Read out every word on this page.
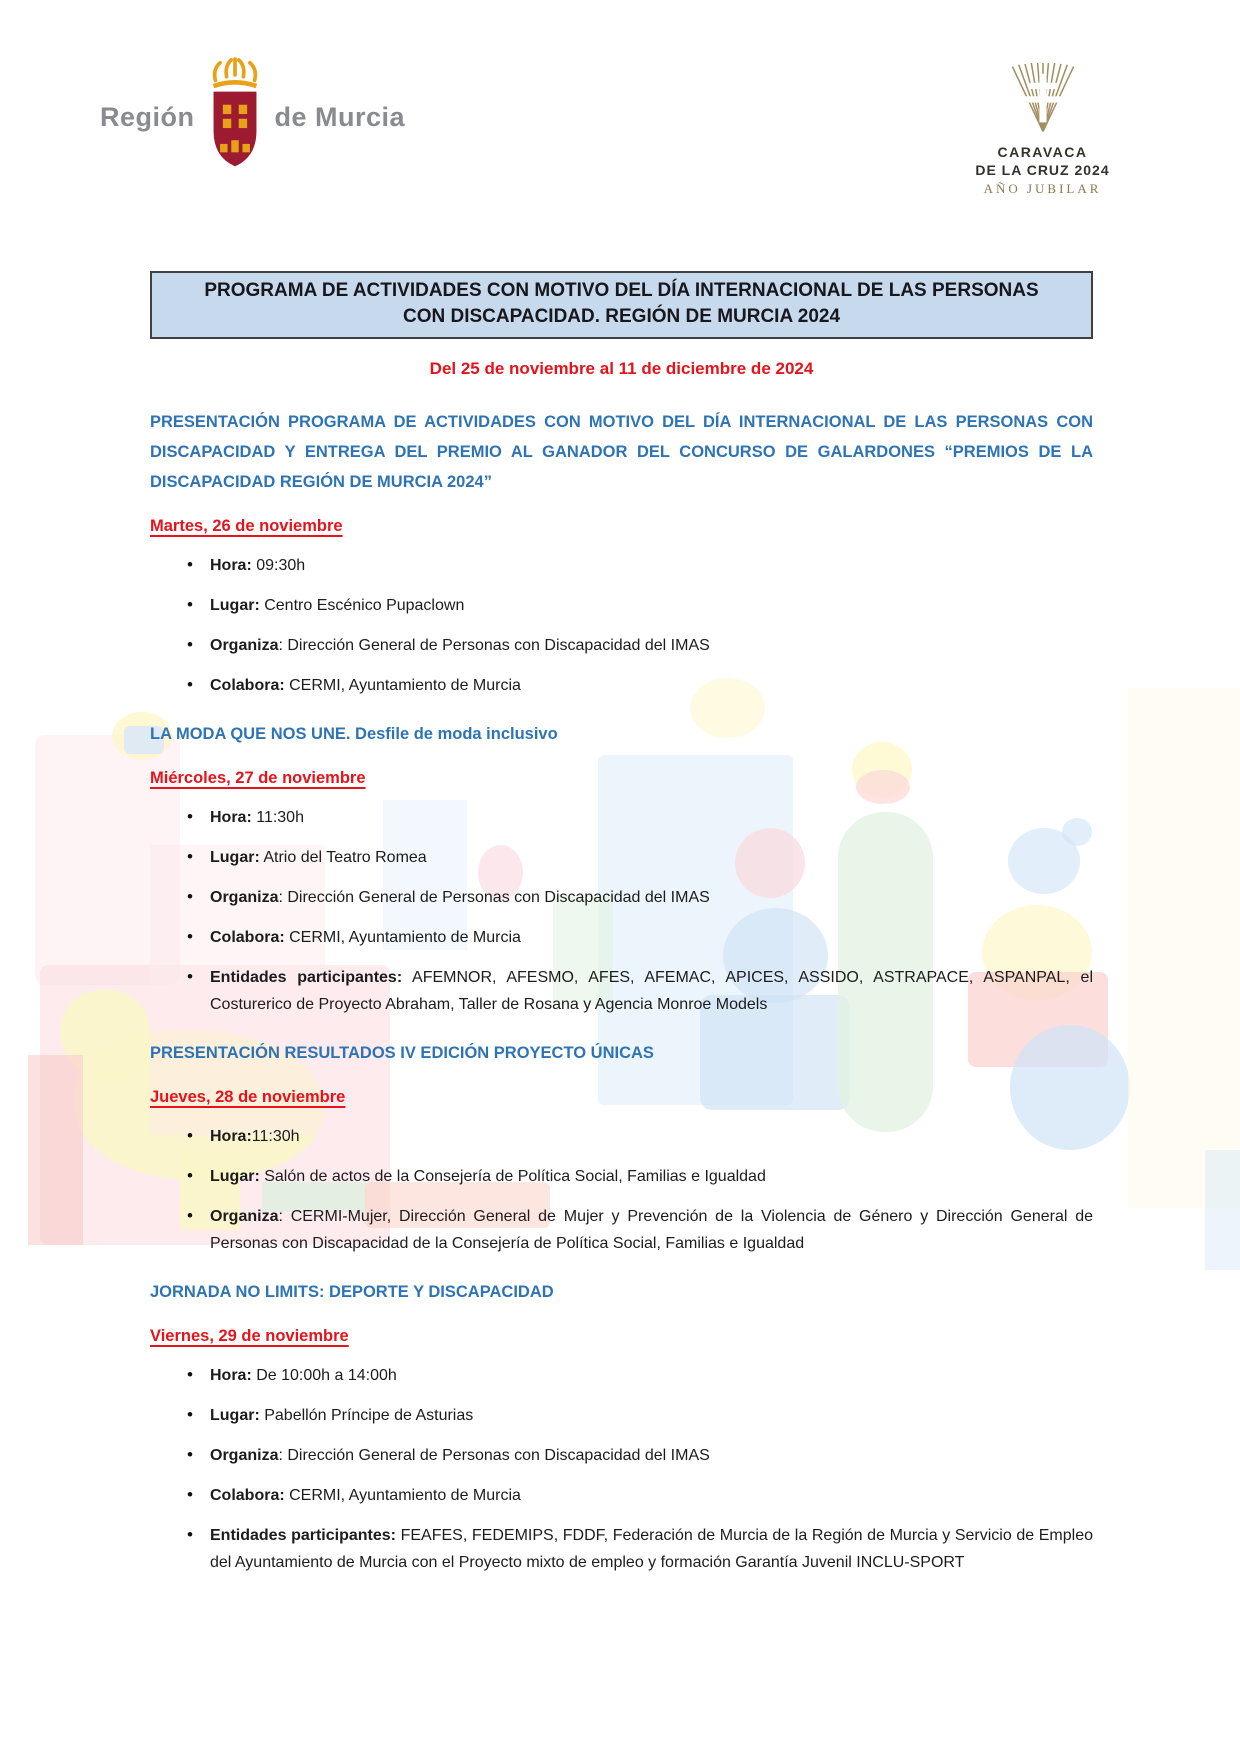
Región	de Murcia
CARAVACA
DE LA CRUZ 2024
AÑO JUBILAR
PROGRAMA DE ACTIVIDADES CON MOTIVO DEL DÍA INTERNACIONAL DE LAS PERSONAS
CON DISCAPACIDAD. REGIÓN DE MURCIA 2024
Del 25 de noviembre al 11 de diciembre de 2024
PRESENTACIÓN PROGRAMA DE ACTIVIDADES CON MOTIVO DEL DÍA INTERNACIONAL DE LAS PERSONAS CON DISCAPACIDAD Y ENTREGA DEL PREMIO AL GANADOR DEL CONCURSO DE GALARDONES “PREMIOS DE LA DISCAPACIDAD REGIÓN DE MURCIA 2024”
Martes, 26 de noviembre

• Hora: 09:30h
• Lugar: Centro Escénico Pupaclown
• Organiza: Dirección General de Personas con Discapacidad del IMAS
• Colabora: CERMI, Ayuntamiento de Murcia
LA MODA QUE NOS UNE. Desfile de moda inclusivo
Miércoles, 27 de noviembre

• Hora: 11:30h
• Lugar: Atrio del Teatro Romea
• Organiza: Dirección General de Personas con Discapacidad del IMAS
• Colabora: CERMI, Ayuntamiento de Murcia
• Entidades participantes: AFEMNOR, AFESMO, AFES, AFEMAC, APICES, ASSIDO, ASTRAPACE, ASPANPAL, el Costurerico de Proyecto Abraham, Taller de Rosana y Agencia Monroe Models
PRESENTACIÓN RESULTADOS IV EDICIÓN PROYECTO ÚNICAS
Jueves, 28 de noviembre

• Hora:11:30h
• Lugar: Salón de actos de la Consejería de Política Social, Familias e Igualdad
• Organiza: CERMI-Mujer, Dirección General de Mujer y Prevención de la Violencia de Género y Dirección General de Personas con Discapacidad de la Consejería de Política Social, Familias e Igualdad
JORNADA NO LIMITS: DEPORTE Y DISCAPACIDAD
Viernes, 29 de noviembre

• Hora: De 10:00h a 14:00h
• Lugar: Pabellón Príncipe de Asturias
• Organiza: Dirección General de Personas con Discapacidad del IMAS
• Colabora: CERMI, Ayuntamiento de Murcia
• Entidades participantes: FEAFES, FEDEMIPS, FDDF, Federación de Murcia de la Región de Murcia y Servicio de Empleo del Ayuntamiento de Murcia con el Proyecto mixto de empleo y formación Garantía Juvenil INCLU-SPORT
